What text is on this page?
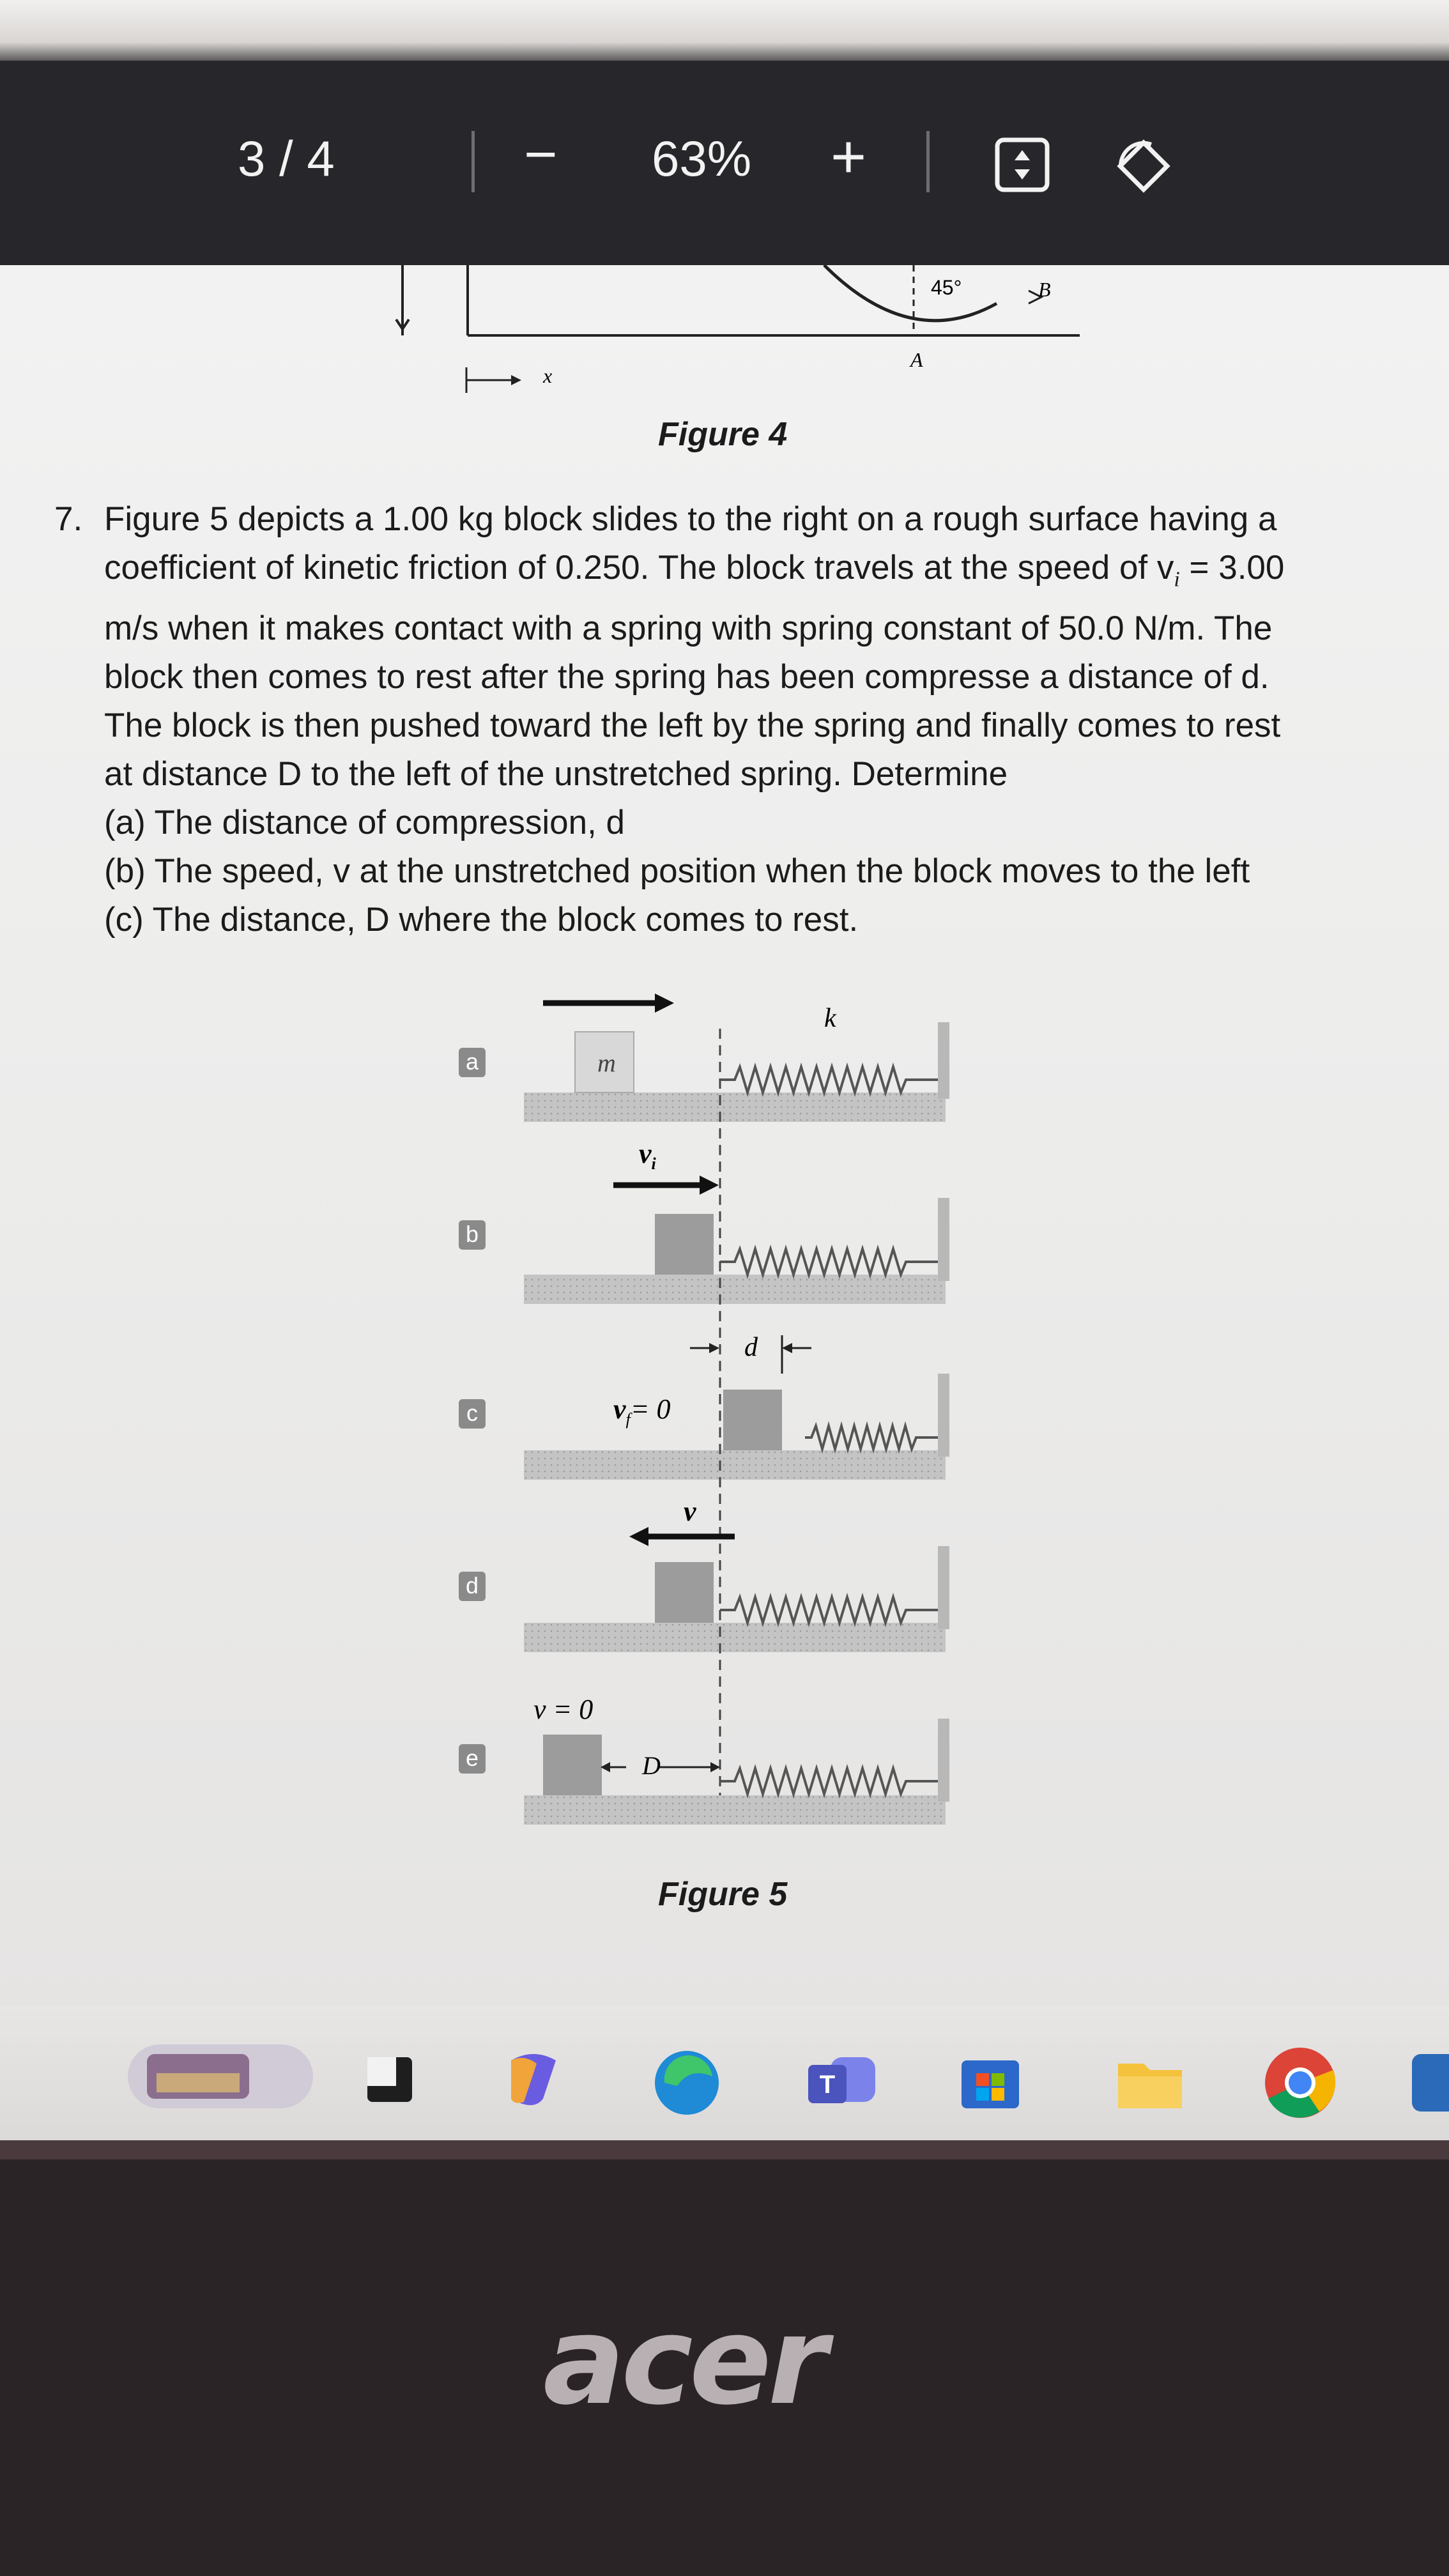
3 / 4	− 63% +
45°
A
B
x
Figure 4
7. Figure 5 depicts a 1.00 kg block slides to the right on a rough surface having a
coefficient of kinetic friction of 0.250. The block travels at the speed of $v_i = 3.00$
m/s when it makes contact with a spring with spring constant of 50.0 N/m. The
block then comes to rest after the spring has been compresse a distance of d.
The block is then pushed toward the left by the spring and finally comes to rest
at distance D to the left of the unstretched spring. Determine
(a) The distance of compression, d
(b) The speed, v at the unstretched position when the block moves to the left
(c) The distance, D where the block comes to rest.
a
b
c
d
e
m
k
$v_i$
$v_f= 0$
d
v
v = 0
D
Figure 5
T
acer
